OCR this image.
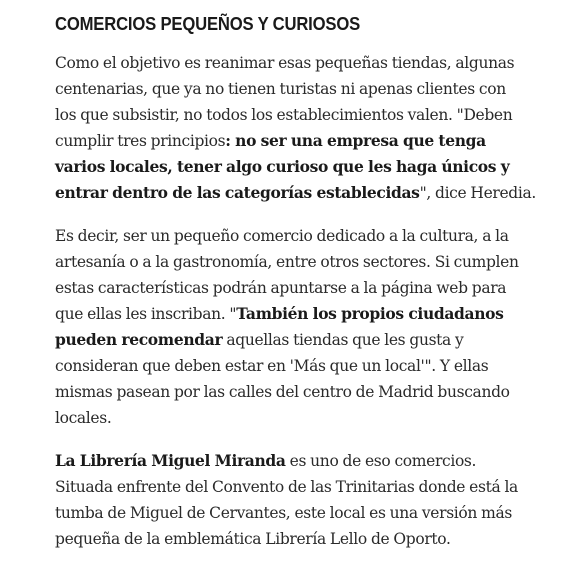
COMERCIOS PEQUEÑOS Y CURIOSOS

Como el objetivo es reanimar esas pequeñas tiendas, algunas
centenarias, que ya no tienen turistas ni apenas clientes con
los que subsistir, no todos los establecimientos valen. "Deben
cumplir tres principios: no ser una empresa que tenga
varios locales, tener algo curioso que les haga únicos y
entrar dentro de las categorías establecidas", dice Heredia.

Es decir, ser un pequeño comercio dedicado a la cultura, a la
artesanía o a la gastronomía, entre otros sectores. Si cumplen
estas características podrán apuntarse a la página web para
que ellas les inscriban. "También los propios ciudadanos
pueden recomendar aquellas tiendas que les gusta y
consideran que deben estar en 'Más que un local'". Y ellas
mismas pasean por las calles del centro de Madrid buscando
locales.

La Librería Miguel Miranda es uno de eso comercios.
Situada enfrente del Convento de las Trinitarias donde está la
tumba de Miguel de Cervantes, este local es una versión más
pequeña de la emblemática Librería Lello de Oporto.
